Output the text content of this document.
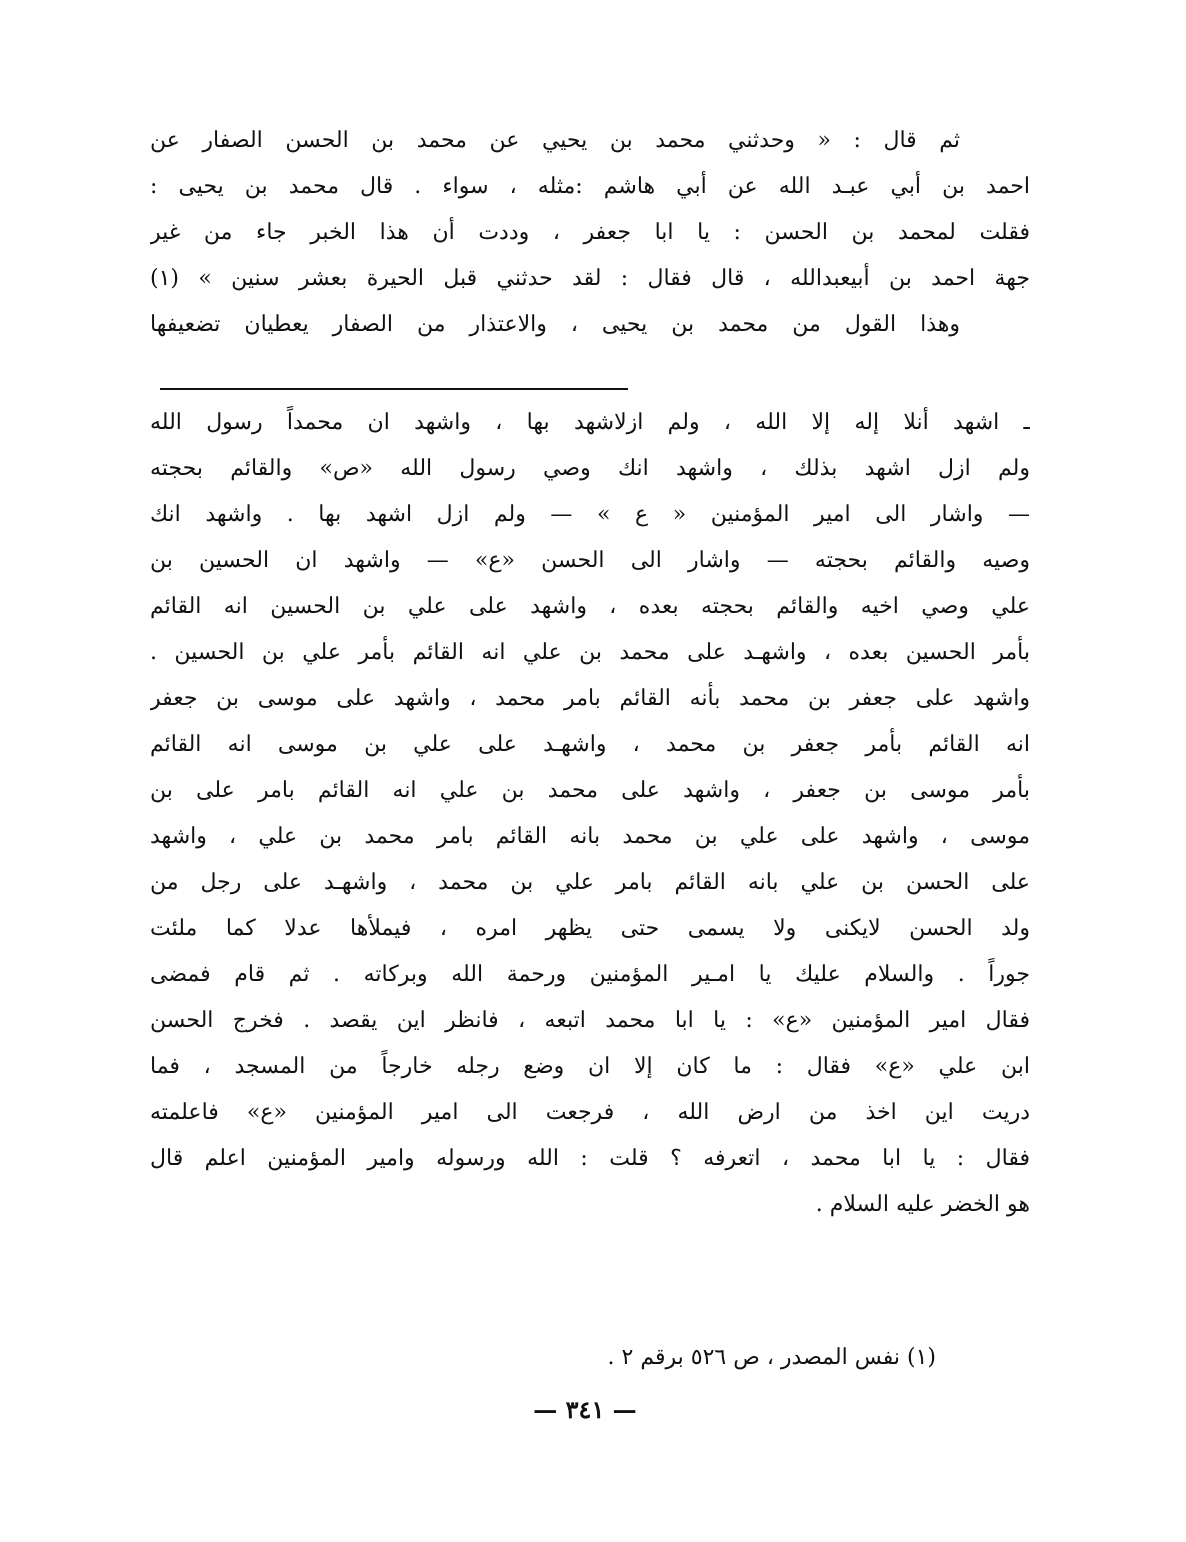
ثم قال : « وحدثني محمد بن يحيي عن محمد بن الحسن الصفار عن
احمد بن أبي عبـد الله عن أبي هاشم :مثله ، سواء . قال محمد بن يحيى :
فقلت لمحمد بن الحسن : يا ابا جعفر ، وددت أن هذا الخبر جاء من غير
جهة احمد بن أبيعبدالله ، قال فقال : لقد حدثني قبل الحيرة بعشر سنين » (١)
وهذا القول من محمد بن يحيى ، والاعتذار من الصفار يعطيان تضعيفها
ـ اشهد أنلا إله إلا الله ، ولم ازلاشهد بها ، واشهد ان محمداً رسول الله
ولم ازل اشهد بذلك ، واشهد انك وصي رسول الله «ص» والقائم بحجته
— واشار الى امير المؤمنين « ع » — ولم ازل اشهد بها . واشهد انك
وصيه والقائم بحجته — واشار الى الحسن «ع» — واشهد ان الحسين بن
علي وصي اخيه والقائم بحجته بعده ، واشهد على علي بن الحسين انه القائم
بأمر الحسين بعده ، واشهـد على محمد بن علي انه القائم بأمر علي بن الحسين .
واشهد على جعفر بن محمد بأنه القائم بامر محمد ، واشهد على موسى بن جعفر
انه القائم بأمر جعفر بن محمد ، واشهـد على علي بن موسى انه القائم
بأمر موسى بن جعفر ، واشهد على محمد بن علي انه القائم بامر على بن
موسى ، واشهد على علي بن محمد بانه القائم بامر محمد بن علي ، واشهد
على الحسن بن علي بانه القائم بامر علي بن محمد ، واشهـد على رجل من
ولد الحسن لايكنى ولا يسمى حتى يظهر امره ، فيملأها عدلا كما ملئت
جوراً . والسلام عليك يا امـير المؤمنين ورحمة الله وبركاته . ثم قام فمضى
فقال امير المؤمنين «ع» : يا ابا محمد اتبعه ، فانظر اين يقصد . فخرج الحسن
ابن علي «ع» فقال : ما كان إلا ان وضع رجله خارجاً من المسجد ، فما
دريت اين اخذ من ارض الله ، فرجعت الى امير المؤمنين «ع» فاعلمته
فقال : يا ابا محمد ، اتعرفه ؟ قلت : الله ورسوله وامير المؤمنين اعلم قال
هو الخضر عليه السلام .
(١) نفس المصدر ، ص ٥٢٦ برقم ٢ .
— ٣٤١ —
